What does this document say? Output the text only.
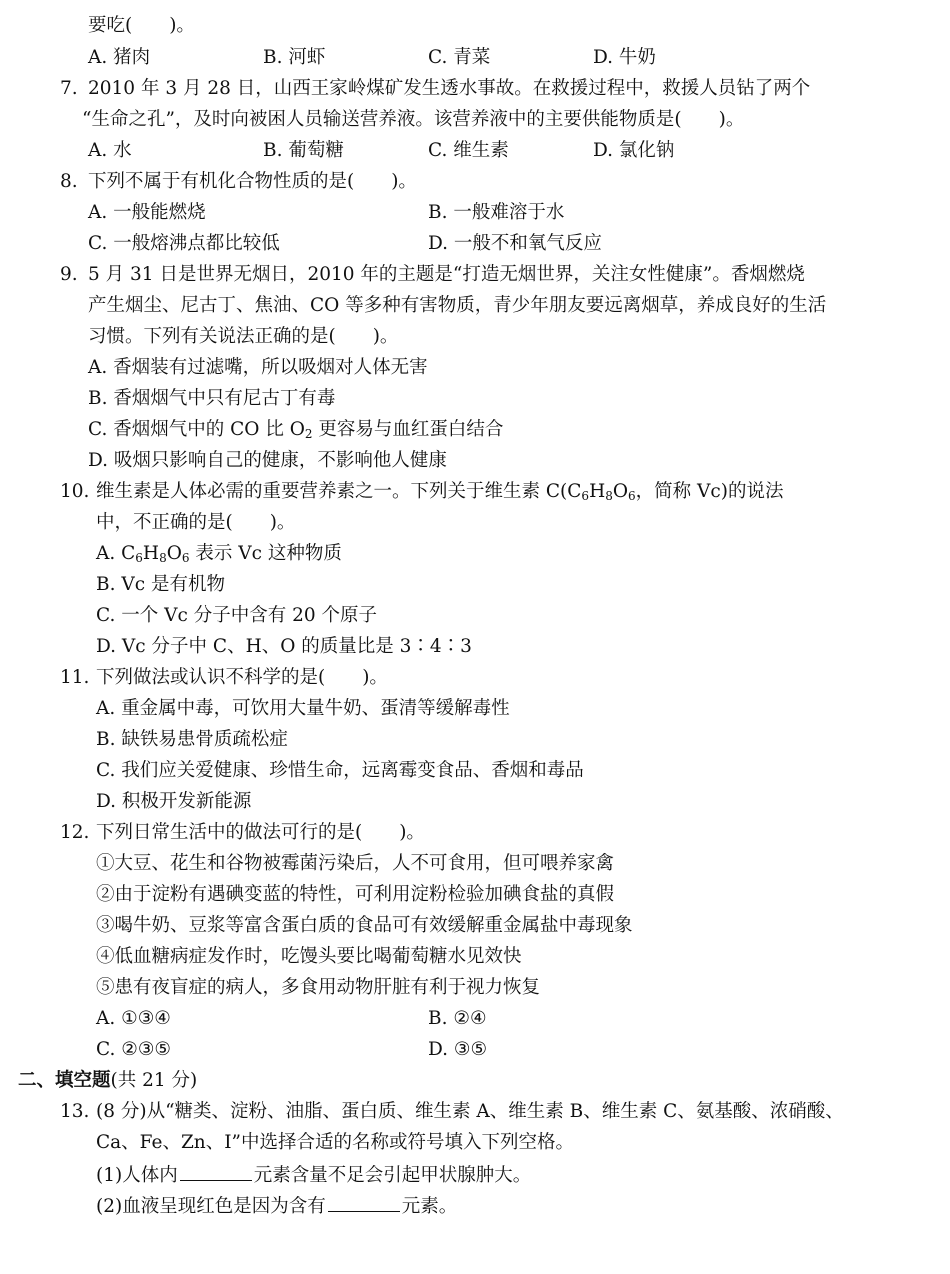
要吃(　　)。
A. 猪肉	B. 河虾	C. 青菜	D. 牛奶
7. 2010 年 3 月 28 日，山西王家岭煤矿发生透水事故。在救援过程中，救援人员钻了两个
“生命之孔”，及时向被困人员输送营养液。该营养液中的主要供能物质是(　　)。
A. 水	B. 葡萄糖	C. 维生素	D. 氯化钠
8. 下列不属于有机化合物性质的是(　　)。
A. 一般能燃烧	B. 一般难溶于水
C. 一般熔沸点都比较低	D. 一般不和氧气反应
9. 5 月 31 日是世界无烟日，2010 年的主题是“打造无烟世界，关注女性健康”。香烟燃烧
产生烟尘、尼古丁、焦油、CO 等多种有害物质，青少年朋友要远离烟草，养成良好的生活
习惯。下列有关说法正确的是(　　)。
A. 香烟装有过滤嘴，所以吸烟对人体无害
B. 香烟烟气中只有尼古丁有毒
C. 香烟烟气中的 CO 比 $O_2$ 更容易与血红蛋白结合
D. 吸烟只影响自己的健康，不影响他人健康
10. 维生素是人体必需的重要营养素之一。下列关于维生素 $C(C_6H_8O_6$，简称 Vc)的说法
中，不正确的是(　　)。
A. $C_6H_8O_6$ 表示 Vc 这种物质
B. Vc 是有机物
C. 一个 Vc 分子中含有 20 个原子
D. Vc 分子中 C、H、O 的质量比是 3∶4∶3
11. 下列做法或认识不科学的是(　　)。
A. 重金属中毒，可饮用大量牛奶、蛋清等缓解毒性
B. 缺铁易患骨质疏松症
C. 我们应关爱健康、珍惜生命，远离霉变食品、香烟和毒品
D. 积极开发新能源
12. 下列日常生活中的做法可行的是(　　)。
①大豆、花生和谷物被霉菌污染后，人不可食用，但可喂养家禽
②由于淀粉有遇碘变蓝的特性，可利用淀粉检验加碘食盐的真假
③喝牛奶、豆浆等富含蛋白质的食品可有效缓解重金属盐中毒现象
④低血糖病症发作时，吃馒头要比喝葡萄糖水见效快
⑤患有夜盲症的病人，多食用动物肝脏有利于视力恢复
A. ①③④	B. ②④
C. ②③⑤	D. ③⑤
二、填空题(共 21 分)
13. (8 分)从“糖类、淀粉、油脂、蛋白质、维生素 A、维生素 B、维生素 C、氨基酸、浓硝酸、
Ca、Fe、Zn、I”中选择合适的名称或符号填入下列空格。
(1)人体内	元素含量不足会引起甲状腺肿大。
(2)血液呈现红色是因为含有	元素。
